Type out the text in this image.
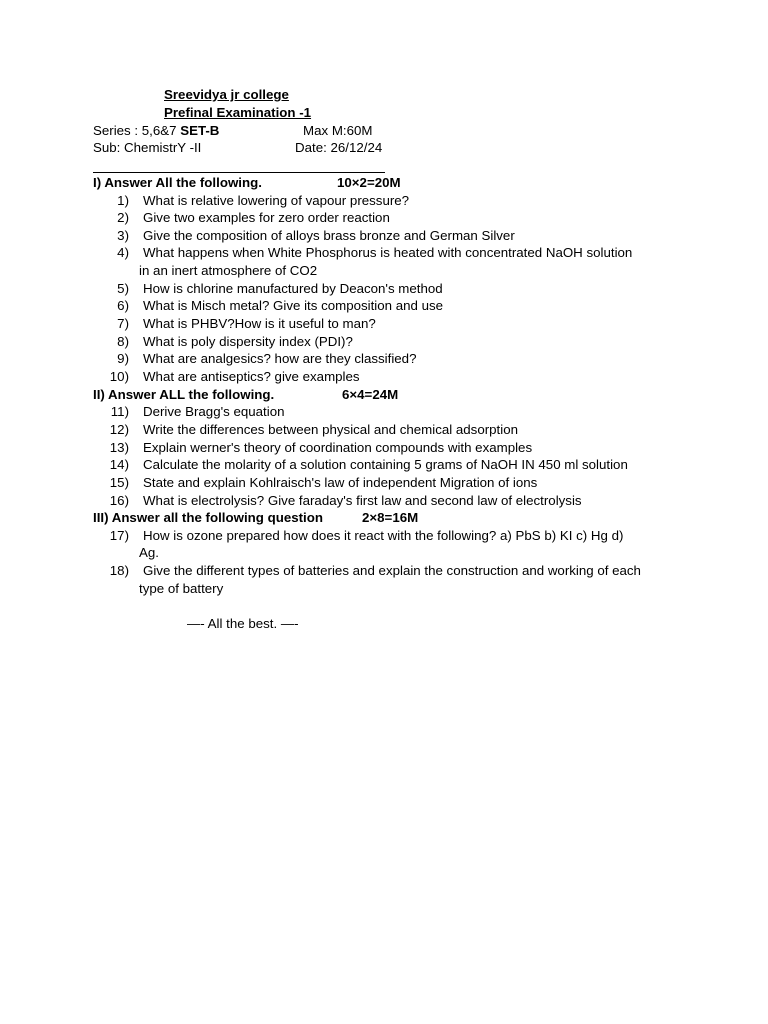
Sreevidya jr college
Prefinal Examination -1
Series : 5,6&7 SET-B	Max M:60M
Sub: ChemistrY -II	Date: 26/12/24
I) Answer All the following.	10×2=20M
1) What is relative lowering of vapour pressure?
2) Give two examples for zero order reaction
3) Give the composition of alloys brass bronze and German Silver
4) What happens when White Phosphorus is heated with concentrated NaOH solution
in an inert atmosphere of CO2
5) How is chlorine manufactured by Deacon's method
6) What is Misch metal? Give its composition and use
7) What is PHBV?How is it useful to man?
8) What is poly dispersity index (PDI)?
9) What are analgesics? how are they classified?
10) What are antiseptics? give examples
II) Answer ALL the following.	6×4=24M
11) Derive Bragg's equation
12) Write the differences between physical and chemical adsorption
13) Explain werner's theory of coordination compounds with examples
14) Calculate the molarity of a solution containing 5 grams of NaOH IN 450 ml solution
15) State and explain Kohlraisch's law of independent Migration of ions
16) What is electrolysis? Give faraday's first law and second law of electrolysis
III) Answer all the following question	2×8=16M
17) How is ozone prepared how does it react with the following? a) PbS b) KI c) Hg d)
Ag.
18) Give the different types of batteries and explain the construction and working of each
type of battery
—- All the best. —-
